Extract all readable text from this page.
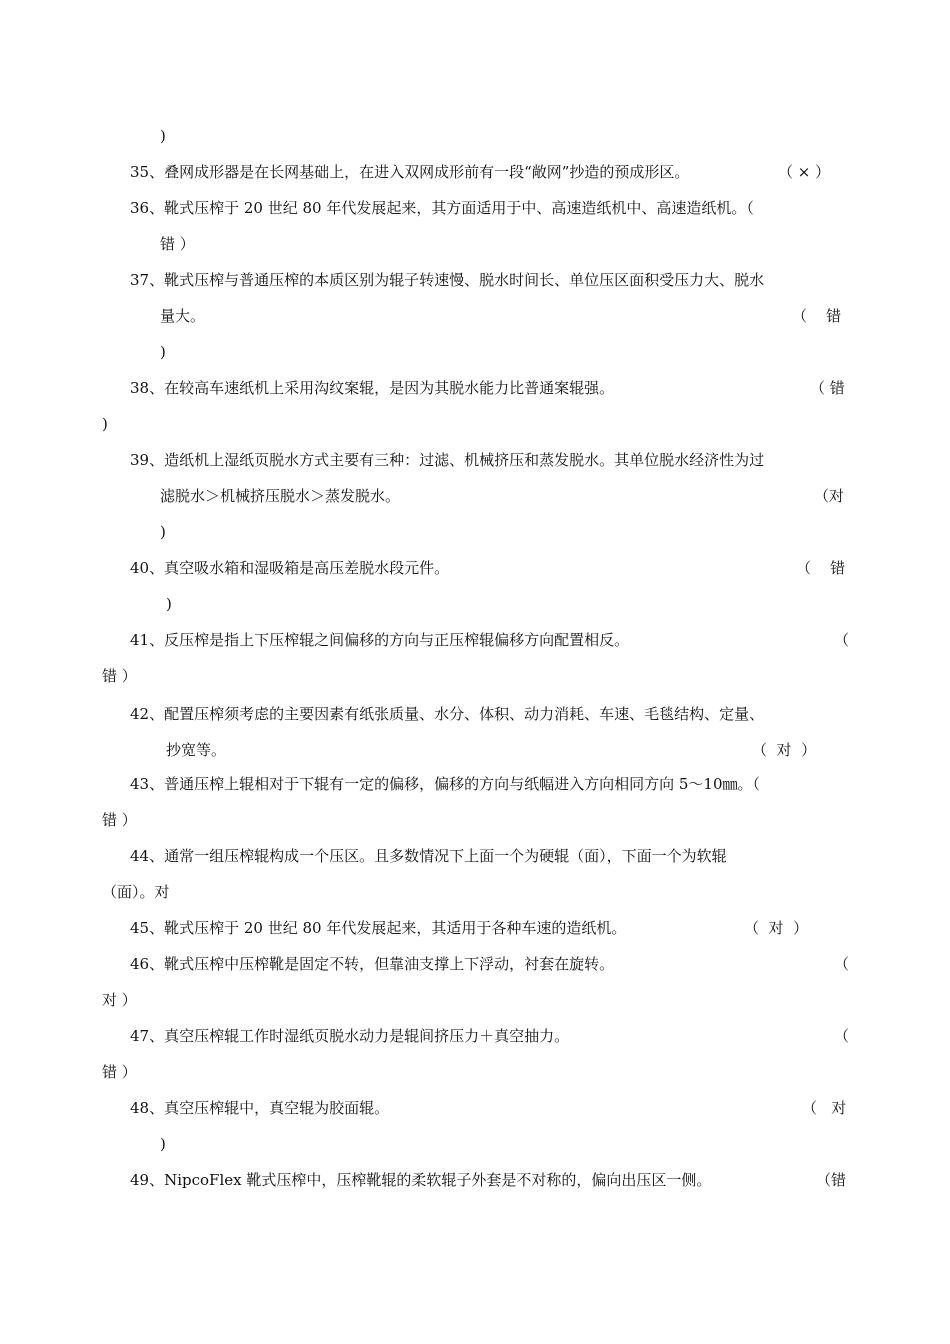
)
35、叠网成形器是在长网基础上，在进入双网成形前有一段“敞网”抄造的预成形区。	（ × ）
36、靴式压榨于 20 世纪 80 年代发展起来，其方面适用于中、高速造纸机中、高速造纸机。（
错 ）
37、靴式压榨与普通压榨的本质区别为辊子转速慢、脱水时间长、单位压区面积受压力大、脱水
量大。	（    错
)
38、在较高车速纸机上采用沟纹案辊，是因为其脱水能力比普通案辊强。	（ 错
)
39、造纸机上湿纸页脱水方式主要有三种：过滤、机械挤压和蒸发脱水。其单位脱水经济性为过
滤脱水＞机械挤压脱水＞蒸发脱水。	（对
)
40、真空吸水箱和湿吸箱是高压差脱水段元件。	（    错
)
41、反压榨是指上下压榨辊之间偏移的方向与正压榨辊偏移方向配置相反。	（
错 ）
42、配置压榨须考虑的主要因素有纸张质量、水分、体积、动力消耗、车速、毛毯结构、定量、
抄宽等。	（  对  ）
43、普通压榨上辊相对于下辊有一定的偏移，偏移的方向与纸幅进入方向相同方向 5～10㎜。（
错 ）
44、通常一组压榨辊构成一个压区。且多数情况下上面一个为硬辊（面），下面一个为软辊
（面）。对
45、靴式压榨于 20 世纪 80 年代发展起来，其适用于各种车速的造纸机。	（  对  ）
46、靴式压榨中压榨靴是固定不转，但靠油支撑上下浮动，衬套在旋转。	（
对 ）
47、真空压榨辊工作时湿纸页脱水动力是辊间挤压力＋真空抽力。	（
错 ）
48、真空压榨辊中，真空辊为胶面辊。	（   对
)
49、NipcoFlex 靴式压榨中，压榨靴辊的柔软辊子外套是不对称的，偏向出压区一侧。	（错
